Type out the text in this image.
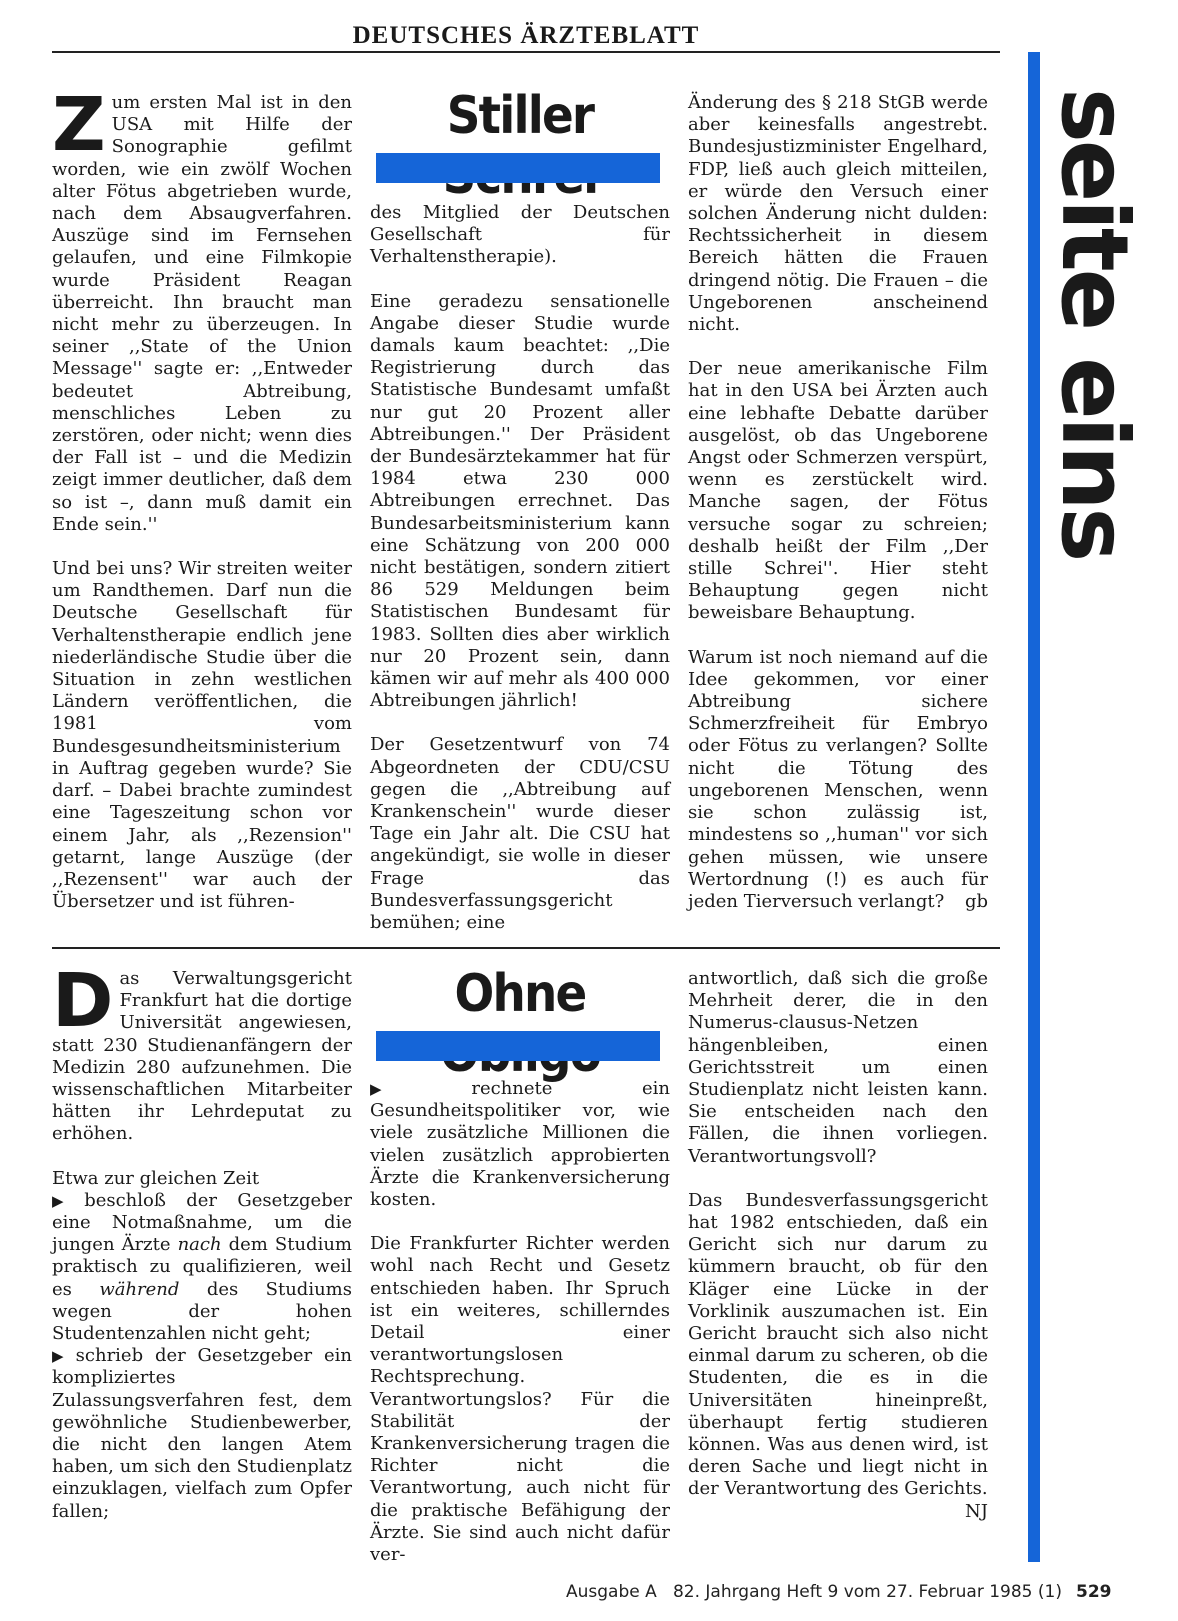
DEUTSCHES ÄRZTEBLATT
seite eins

Zum ersten Mal ist in den USA mit Hilfe der Sonographie gefilmt worden, wie ein zwölf Wochen alter Fötus abgetrieben wurde, nach dem Absaugverfahren. Auszüge sind im Fernsehen gelaufen, und eine Filmkopie wurde Präsident Reagan überreicht. Ihn braucht man nicht mehr zu überzeugen. In seiner ,,State of the Union Message'' sagte er: ,,Entweder bedeutet Abtreibung, menschliches Leben zu zerstören, oder nicht; wenn dies der Fall ist – und die Medizin zeigt immer deutlicher, daß dem so ist –, dann muß damit ein Ende sein.''

Und bei uns? Wir streiten weiter um Randthemen. Darf nun die Deutsche Gesellschaft für Verhaltenstherapie endlich jene niederländische Studie über die Situation in zehn westlichen Ländern veröffentlichen, die 1981 vom Bundesgesundheitsministerium in Auftrag gegeben wurde? Sie darf. – Dabei brachte zumindest eine Tageszeitung schon vor einem Jahr, als ,,Rezension'' getarnt, lange Auszüge (der ,,Rezensent'' war auch der Übersetzer und ist führen-

Stiller

des Mitglied der Deutschen Gesellschaft für Verhaltenstherapie).

Eine geradezu sensationelle Angabe dieser Studie wurde damals kaum beachtet: ,,Die Registrierung durch das Statistische Bundesamt umfaßt nur gut 20 Prozent aller Abtreibungen.'' Der Präsident der Bundesärztekammer hat für 1984 etwa 230 000 Abtreibungen errechnet. Das Bundesarbeitsministerium kann eine Schätzung von 200 000 nicht bestätigen, sondern zitiert 86 529 Meldungen beim Statistischen Bundesamt für 1983. Sollten dies aber wirklich nur 20 Prozent sein, dann kämen wir auf mehr als 400 000 Abtreibungen jährlich!

Der Gesetzentwurf von 74 Abgeordneten der CDU/CSU gegen die ,,Abtreibung auf Krankenschein'' wurde dieser Tage ein Jahr alt. Die CSU hat angekündigt, sie wolle in dieser Frage das Bundesverfassungsgericht bemühen; eine

Änderung des § 218 StGB werde aber keinesfalls angestrebt. Bundesjustizminister Engelhard, FDP, ließ auch gleich mitteilen, er würde den Versuch einer solchen Änderung nicht dulden: Rechtssicherheit in diesem Bereich hätten die Frauen dringend nötig. Die Frauen – die Ungeborenen anscheinend nicht.

Der neue amerikanische Film hat in den USA bei Ärzten auch eine lebhafte Debatte darüber ausgelöst, ob das Ungeborene Angst oder Schmerzen verspürt, wenn es zerstückelt wird. Manche sagen, der Fötus versuche sogar zu schreien; deshalb heißt der Film ,,Der stille Schrei''. Hier steht Behauptung gegen nicht beweisbare Behauptung.

Warum ist noch niemand auf die Idee gekommen, vor einer Abtreibung sichere Schmerzfreiheit für Embryo oder Fötus zu verlangen? Sollte nicht die Tötung des ungeborenen Menschen, wenn sie schon zulässig ist, mindestens so ,,human'' vor sich gehen müssen, wie unsere Wertordnung (!) es auch für jeden Tierversuch verlangt? gb

Das Verwaltungsgericht Frankfurt hat die dortige Universität angewiesen, statt 230 Studienanfängern der Medizin 280 aufzunehmen. Die wissenschaftlichen Mitarbeiter hätten ihr Lehrdeputat zu erhöhen.

Etwa zur gleichen Zeit
▶ beschloß der Gesetzgeber eine Notmaßnahme, um die jungen Ärzte nach dem Studium praktisch zu qualifizieren, weil es während des Studiums wegen der hohen Studentenzahlen nicht geht;
▶ schrieb der Gesetzgeber ein kompliziertes Zulassungsverfahren fest, dem gewöhnliche Studienbewerber, die nicht den langen Atem haben, um sich den Studienplatz einzuklagen, vielfach zum Opfer fallen;

Ohne

▶ rechnete ein Gesundheitspolitiker vor, wie viele zusätzliche Millionen die vielen zusätzlich approbierten Ärzte die Krankenversicherung kosten.

Die Frankfurter Richter werden wohl nach Recht und Gesetz entschieden haben. Ihr Spruch ist ein weiteres, schillerndes Detail einer verantwortungslosen Rechtsprechung. Verantwortungslos? Für die Stabilität der Krankenversicherung tragen die Richter nicht die Verantwortung, auch nicht für die praktische Befähigung der Ärzte. Sie sind auch nicht dafür ver-

antwortlich, daß sich die große Mehrheit derer, die in den Numerus-clausus-Netzen hängenbleiben, einen Gerichtsstreit um einen Studienplatz nicht leisten kann. Sie entscheiden nach den Fällen, die ihnen vorliegen. Verantwortungsvoll?

Das Bundesverfassungsgericht hat 1982 entschieden, daß ein Gericht sich nur darum zu kümmern braucht, ob für den Kläger eine Lücke in der Vorklinik auszumachen ist. Ein Gericht braucht sich also nicht einmal darum zu scheren, ob die Studenten, die es in die Universitäten hineinpreßt, überhaupt fertig studieren können. Was aus denen wird, ist deren Sache und liegt nicht in der Verantwortung des Gerichts.
NJ

Ausgabe A   82. Jahrgang Heft 9 vom 27. Februar 1985 (1) 529
